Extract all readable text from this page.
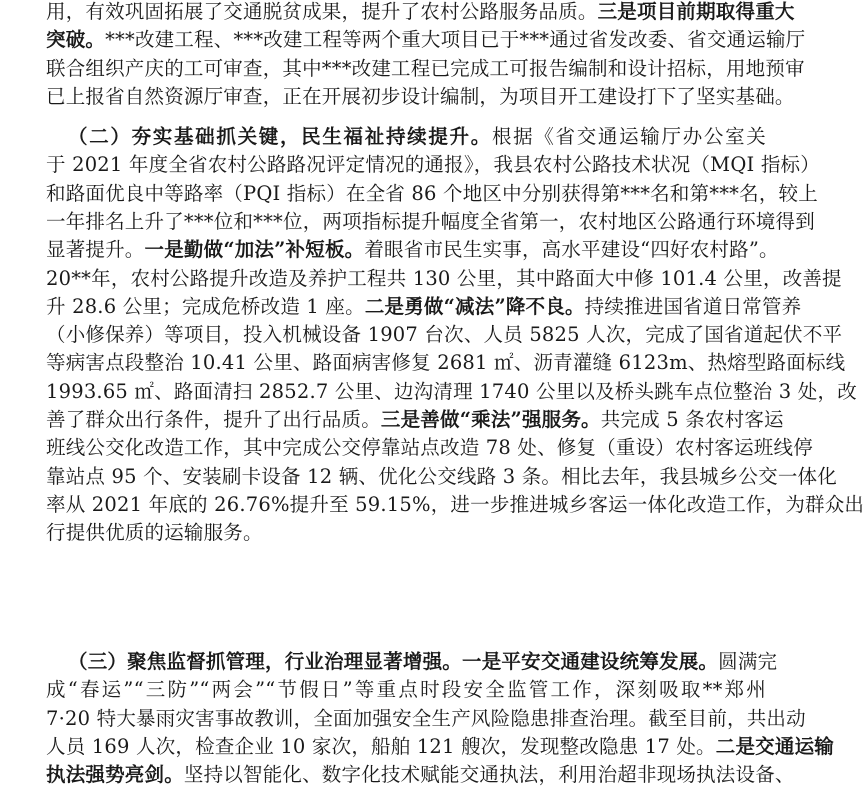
用，有效巩固拓展了交通脱贫成果，提升了农村公路服务品质。三是项目前期取得重大
突破。***改建工程、***改建工程等两个重大项目已于***通过省发改委、省交通运输厅
联合组织产庆的工可审查，其中***改建工程已完成工可报告编制和设计招标，用地预审
已上报省自然资源厅审查，正在开展初步设计编制，为项目开工建设打下了坚实基础。
（二）夯实基础抓关键，民生福祉持续提升。根据《省交通运输厅办公室关
于 2021 年度全省农村公路路况评定情况的通报》，我县农村公路技术状况（MQI 指标）
和路面优良中等路率（PQI 指标）在全省 86 个地区中分别获得第***名和第***名，较上
一年排名上升了***位和***位，两项指标提升幅度全省第一，农村地区公路通行环境得到
显著提升。一是勤做“加法”补短板。着眼省市民生实事，高水平建设“四好农村路”。
20**年，农村公路提升改造及养护工程共 130 公里，其中路面大中修 101.4 公里，改善提
升 28.6 公里；完成危桥改造 1 座。二是勇做“减法”降不良。持续推进国省道日常管养
（小修保养）等项目，投入机械设备 1907 台次、人员 5825 人次，完成了国省道起伏不平
等病害点段整治 10.41 公里、路面病害修复 2681 ㎡、沥青灌缝 6123m、热熔型路面标线
1993.65 ㎡、路面清扫 2852.7 公里、边沟清理 1740 公里以及桥头跳车点位整治 3 处，改
善了群众出行条件，提升了出行品质。三是善做“乘法”强服务。共完成 5 条农村客运
班线公交化改造工作，其中完成公交停靠站点改造 78 处、修复（重设）农村客运班线停
靠站点 95 个、安装刷卡设备 12 辆、优化公交线路 3 条。相比去年，我县城乡公交一体化
率从 2021 年底的 26.76%提升至 59.15%，进一步推进城乡客运一体化改造工作，为群众出
行提供优质的运输服务。
（三）聚焦监督抓管理，行业治理显著增强。一是平安交通建设统筹发展。圆满完
成“春运”“三防”“两会”“节假日”等重点时段安全监管工作，深刻吸取**郑州
7·20 特大暴雨灾害事故教训，全面加强安全生产风险隐患排查治理。截至目前，共出动
人员 169 人次，检查企业 10 家次，船舶 121 艘次，发现整改隐患 17 处。二是交通运输
执法强势亮剑。坚持以智能化、数字化技术赋能交通执法，利用治超非现场执法设备、
